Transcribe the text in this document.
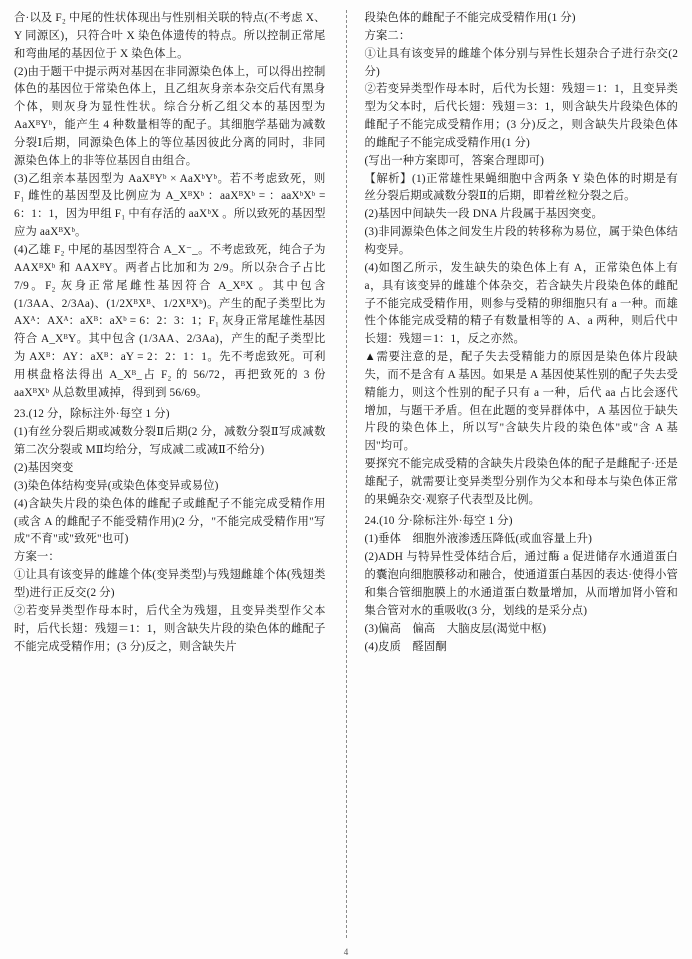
合·以及 F₂ 中尾的性状体现出与性别相关联的特点(不考虑 X、Y 同源区)，只符合叶 X 染色体遗传的特点。所以控制正常尾和弯曲尾的基因位于 X 染色体上。

(2)由于题干中提示两对基因在非同源染色体上，可以得出控制体色的基因位于常染色体上，且乙组灰身亲本杂交后代有黑身个体，则灰身为显性性状。综合分析乙组父本的基因型为 AaXᴮYᵇ，能产生 4 种数量相等的配子。其细胞学基础为减数分裂Ⅰ后期，同源染色体上的等位基因彼此分离的同时，非同源染色体上的非等位基因自由组合。

(3)乙组亲本基因型为 AaXᴮYᵇ × AaXᵇYᵇ。若不考虑致死，则 F₁ 雌性的基因型及比例应为 A_XᴮXᵇ ：aaXᴮXᵇ = ：aaXᵇXᵇ = 6：1：1，因为甲组 F₁ 中有存活的 aaXᵇX 。所以致死的基因型应为 aaXᴮXᵇ。

(4)乙雄 F₂ 中尾的基因型符合 A_X⁻_。不考虑致死，纯合子为 AAXᴮXᵇ 和 AAXᴮY。两者占比加和为 2/9。所以杂合子占比 7/9。F₂ 灰身正常尾雌性基因符合 A_XᴮX 。其中包含 (1/3AA、2/3Aa)、(1/2XᴮXᴮ、1/2XᴮXᵇ)。产生的配子类型比为 AXᴬ：AXᴬ：aXᴮ：aXᵇ = 6：2：3：1；F₁ 灰身正常尾雄性基因符合 A_XᴮY。其中包含 (1/3AA、2/3Aa)，产生的配子类型比为 AXᴮ：AY：aXᴮ：aY = 2：2：1：1。先不考虑致死。可利用棋盘格法得出 A_Xᴮ_占 F₂ 的 56/72，再把致死的 3 份 aaXᴮXᵇ 从总数里减掉，得到到 56/69。

23.(12 分，除标注外·每空 1 分)

(1)有丝分裂后期或减数分裂Ⅱ后期(2 分，减数分裂Ⅱ写成减数第二次分裂或 MⅡ均给分，写成减二或减Ⅱ不给分)

(2)基因突变

(3)染色体结构变异(或染色体变异或易位)

(4)含缺失片段的染色体的雌配子或雌配子不能完成受精作用(或含 A 的雌配子不能受精作用)(2 分，"不能完成受精作用"写成"不育"或"致死"也可)

方案一：

①让具有该变异的雌雄个体(变异类型)与残翅雌雄个体(残翅类型)进行正反交(2 分)

②若变异类型作母本时，后代全为残翅，且变异类型作父本时，后代长翅：残翅＝1：1，则含缺失片段的染色体的雌配子不能完成受精作用；(3 分)反之，则含缺失片

段染色体的雌配子不能完成受精作用(1 分)

方案二：

①让具有该变异的雌雄个体分别与异性长翅杂合子进行杂交(2 分)

②若变异类型作母本时，后代为长翅：残翅＝1：1，且变异类型为父本时，后代长翅：残翅＝3：1，则含缺失片段染色体的雌配子不能完成受精作用；(3 分)反之，则含缺失片段染色体的雌配子不能完成受精作用(1 分)

(写出一种方案即可，答案合理即可)

【解析】(1)正常雄性果蝇细胞中含两条 Y 染色体的时期是有丝分裂后期或减数分裂Ⅱ的后期，即着丝粒分裂之后。

(2)基因中间缺失一段 DNA 片段属于基因突变。

(3)非同源染色体之间发生片段的转移称为易位，属于染色体结构变异。

(4)如图乙所示，发生缺失的染色体上有 A，正常染色体上有 a，具有该变异的雌雄个体杂交，若含缺失片段染色体的雌配子不能完成受精作用，则参与受精的卵细胞只有 a 一种。而雄性个体能完成受精的精子有数量相等的 A、a 两种，则后代中长翅：残翅＝1：1，反之亦然。

▲需要注意的是，配子失去受精能力的原因是染色体片段缺失，而不是含有 A 基因。如果是 A 基因使某性别的配子失去受精能力，则这个性别的配子只有 a 一种，后代 aa 占比会逐代增加，与题干矛盾。但在此题的变异群体中，A 基因位于缺失片段的染色体上，所以写"含缺失片段的染色体"或"含 A 基因"均可。

要探究不能完成受精的含缺失片段染色体的配子是雌配子·还是雄配子，就需要让变异类型分别作为父本和母本与染色体正常的果蝇杂交·观察子代表型及比例。

24.(10 分·除标注外·每空 1 分)

(1)垂体　细胞外液渗透压降低(或血容量上升)

(2)ADH 与特异性受体结合后，通过酶 a 促进储存水通道蛋白的囊泡向细胞膜移动和融合，使通道蛋白基因的表达·使得小管和集合管细胞膜上的水通道蛋白数量增加，从而增加肾小管和集合管对水的重吸收(3 分，划线的是采分点)

(3)偏高　偏高　大脑皮层(渴觉中枢)

(4)皮质　醛固酮

4
